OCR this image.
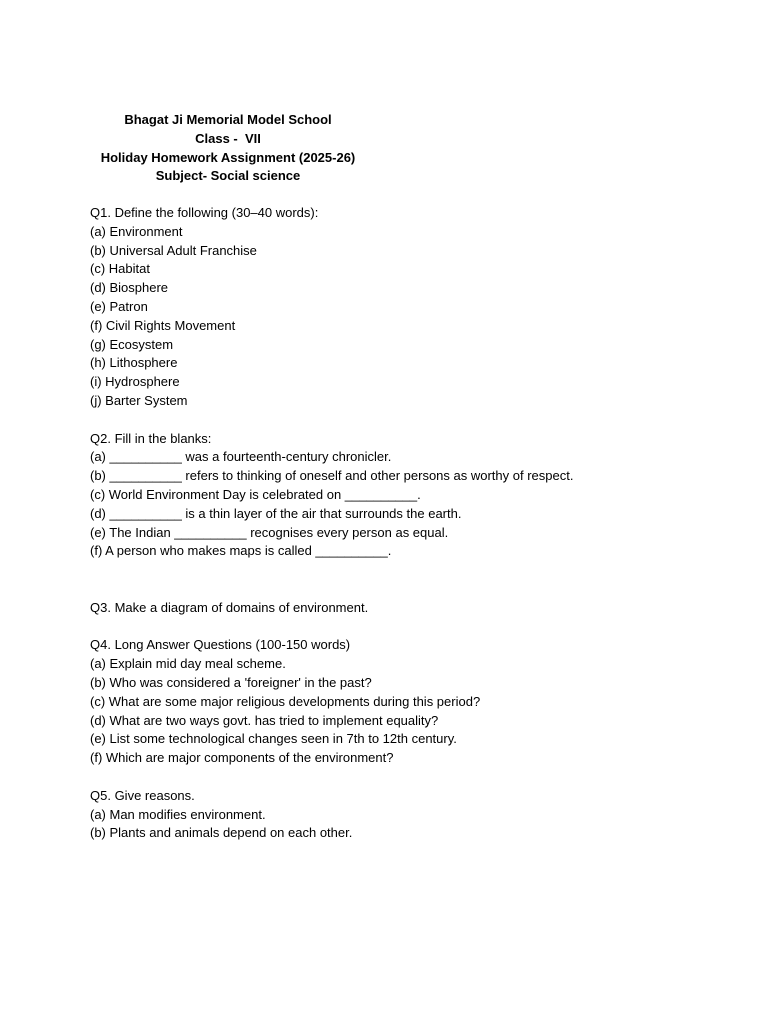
Bhagat Ji Memorial Model School
Class -  VII
Holiday Homework Assignment (2025-26)
Subject- Social science
Q1. Define the following (30–40 words):
(a) Environment
(b) Universal Adult Franchise
(c) Habitat
(d) Biosphere
(e) Patron
(f) Civil Rights Movement
(g) Ecosystem
(h) Lithosphere
(i) Hydrosphere
(j) Barter System
Q2. Fill in the blanks:
(a) __________ was a fourteenth-century chronicler.
(b) __________ refers to thinking of oneself and other persons as worthy of respect.
(c) World Environment Day is celebrated on __________.
(d) __________ is a thin layer of the air that surrounds the earth.
(e) The Indian __________ recognises every person as equal.
(f) A person who makes maps is called __________.
Q3. Make a diagram of domains of environment.
Q4. Long Answer Questions (100-150 words)
(a) Explain mid day meal scheme.
(b) Who was considered a 'foreigner' in the past?
(c) What are some major religious developments during this period?
(d) What are two ways govt. has tried to implement equality?
(e) List some technological changes seen in 7th to 12th century.
(f) Which are major components of the environment?
Q5. Give reasons.
(a) Man modifies environment.
(b) Plants and animals depend on each other.
